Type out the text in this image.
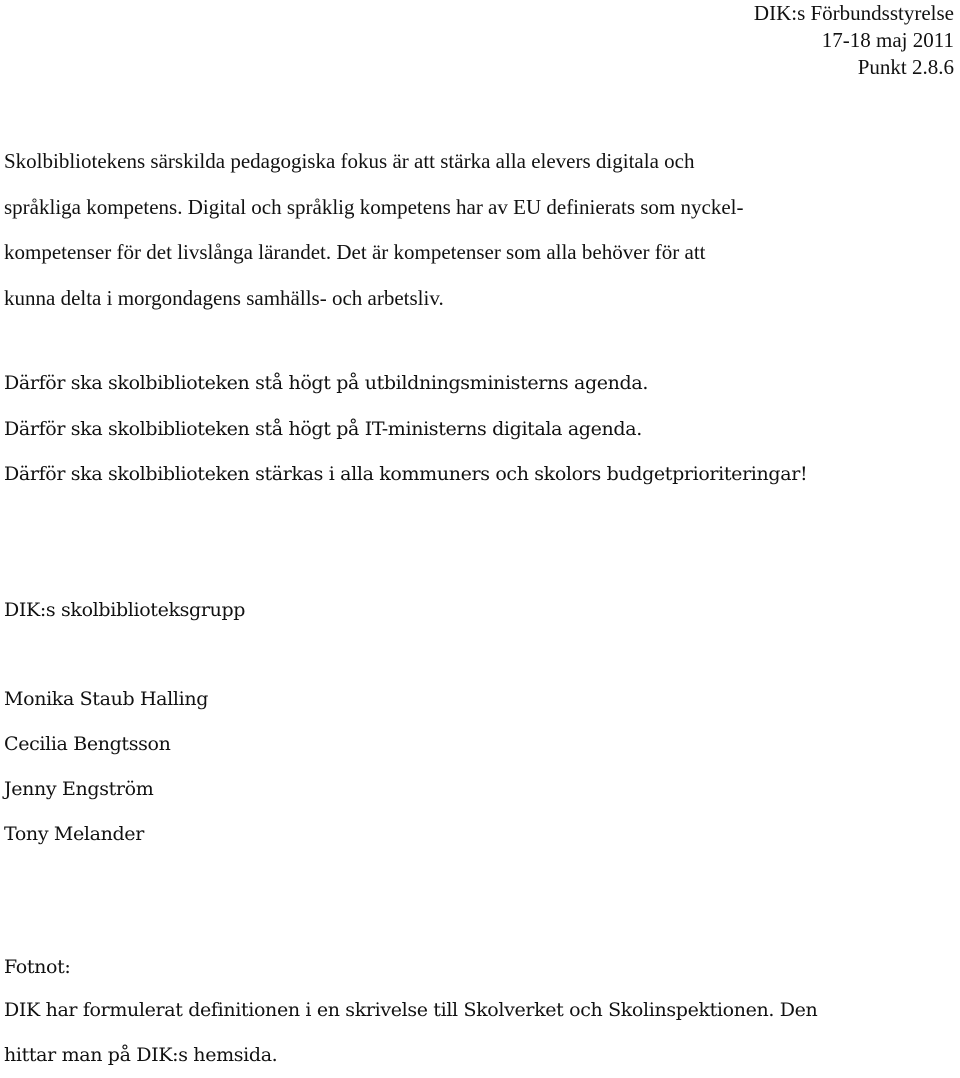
DIK:s Förbundsstyrelse
17-18 maj 2011
Punkt 2.8.6
Skolbibliotekens särskilda pedagogiska fokus är att stärka alla elevers digitala och
språkliga kompetens. Digital och språklig kompetens har av EU definierats som nyckel-
kompetenser för det livslånga lärandet. Det är kompetenser som alla behöver för att
kunna delta i morgondagens samhälls- och arbetsliv.
Därför ska skolbiblioteken stå högt på utbildningsministerns agenda.
Därför ska skolbiblioteken stå högt på IT-ministerns digitala agenda.
Därför ska skolbiblioteken stärkas i alla kommuners och skolors budgetprioriteringar!
DIK:s skolbiblioteksgrupp
Monika Staub Halling
Cecilia Bengtsson
Jenny Engström
Tony Melander
Fotnot:
DIK har formulerat definitionen i en skrivelse till Skolverket och Skolinspektionen. Den
hittar man på DIK:s hemsida.
